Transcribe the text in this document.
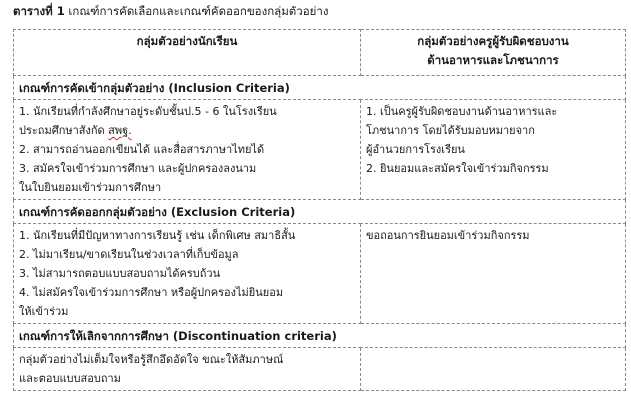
ตารางที่ 1 เกณฑ์การคัดเลือกและเกณฑ์คัดออกของกลุ่มตัวอย่าง
กลุ่มตัวอย่างนักเรียน	กลุ่มตัวอย่างครูผู้รับผิดชอบงาน
ด้านอาหารและโภชนาการ

เกณฑ์การคัดเข้ากลุ่มตัวอย่าง (Inclusion Criteria)	

1. นักเรียนที่กำลังศึกษาอยู่ระดับชั้นป.5 - 6 ในโรงเรียน
ประถมศึกษาสังกัด สพฐ.
2. สามารถอ่านออกเขียนได้ และสื่อสารภาษาไทยได้
3. สมัครใจเข้าร่วมการศึกษา และผู้ปกครองลงนาม
ในใบยินยอมเข้าร่วมการศึกษา	1. เป็นครูผู้รับผิดชอบงานด้านอาหารและ
โภชนาการ โดยได้รับมอบหมายจาก
ผู้อำนวยการโรงเรียน
2. ยินยอมและสมัครใจเข้าร่วมกิจกรรม

เกณฑ์การคัดออกกลุ่มตัวอย่าง (Exclusion Criteria)	

1. นักเรียนที่มีปัญหาทางการเรียนรู้ เช่น เด็กพิเศษ สมาธิสั้น
2. ไม่มาเรียน/ขาดเรียนในช่วงเวลาที่เก็บข้อมูล
3. ไม่สามารถตอบแบบสอบถามได้ครบถ้วน
4. ไม่สมัครใจเข้าร่วมการศึกษา หรือผู้ปกครองไม่ยินยอม
ให้เข้าร่วม	ขอถอนการยินยอมเข้าร่วมกิจกรรม

เกณฑ์การให้เลิกจากการศึกษา (Discontinuation criteria)	

กลุ่มตัวอย่างไม่เต็มใจหรือรู้สึกอึดอัดใจ ขณะให้สัมภาษณ์
และตอบแบบสอบถาม	
